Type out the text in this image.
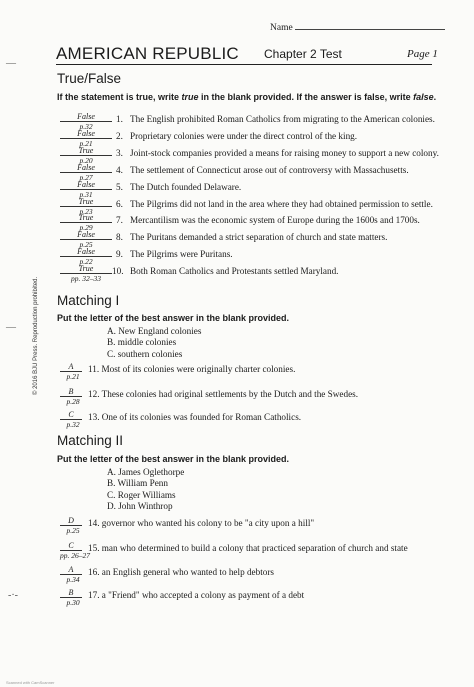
Name
AMERICAN REPUBLIC Chapter 2 Test	Page 1
True/False
If the statement is true, write true in the blank provided. If the answer is false, write false.
False
p.32
1. The English prohibited Roman Catholics from migrating to the American colonies.
False
p.21
2. Proprietary colonies were under the direct control of the king.
True
p.20
3. Joint-stock companies provided a means for raising money to support a new colony.
False
p.27
4. The settlement of Connecticut arose out of controversy with Massachusetts.
False
p.31
5. The Dutch founded Delaware.
True
p.23
6. The Pilgrims did not land in the area where they had obtained permission to settle.
True
p.29
7. Mercantilism was the economic system of Europe during the 1600s and 1700s.
False
p.25
8. The Puritans demanded a strict separation of church and state matters.
False
p.22
9. The Pilgrims were Puritans.
True
pp. 32–33
10. Both Roman Catholics and Protestants settled Maryland.
Matching I
Put the letter of the best answer in the blank provided.
A. New England colonies
B. middle colonies
C. southern colonies
A
p.21
11. Most of its colonies were originally charter colonies.
B
p.28
12. These colonies had original settlements by the Dutch and the Swedes.
C
p.32
13. One of its colonies was founded for Roman Catholics.
Matching II
Put the letter of the best answer in the blank provided.
A. James Oglethorpe
B. William Penn
C. Roger Williams
D. John Winthrop
D
p.25
14. governor who wanted his colony to be "a city upon a hill"
C
pp. 26–27
15. man who determined to build a colony that practiced separation of church and state
A
p.34
16. an English general who wanted to help debtors
B
p.30
17. a "Friend" who accepted a colony as payment of a debt
© 2016 BJU Press. Reproduction prohibited.
―
―
-·-
Scanned with CamScanner
